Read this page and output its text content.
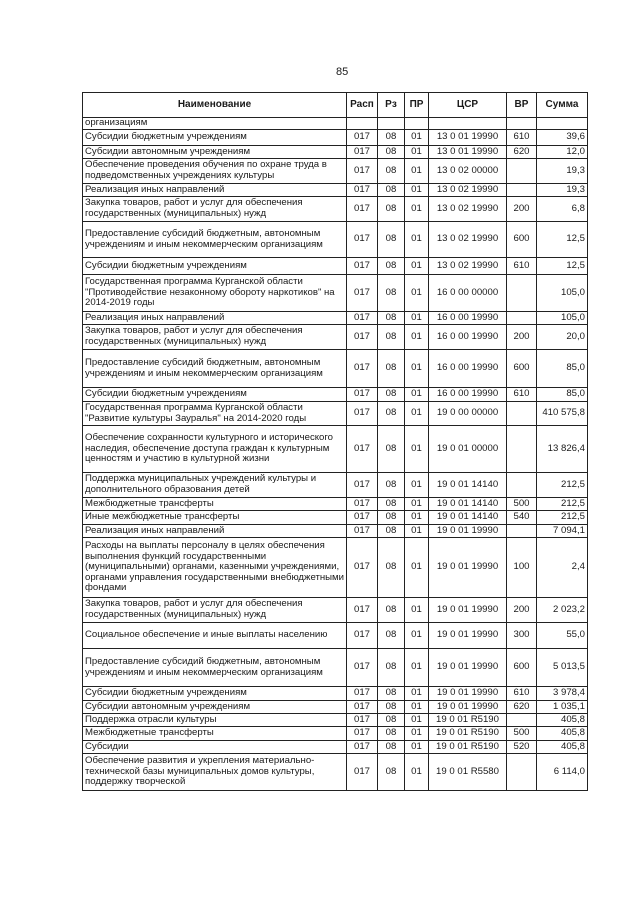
85
Наименование	Расп	Рз	ПР	ЦСР	ВР	Сумма
организациям						
Субсидии бюджетным учреждениям	017	08	01	13 0 01 19990	610	39,6
Субсидии автономным учреждениям	017	08	01	13 0 01 19990	620	12,0
Обеспечение проведения обучения по охране труда в подведомственных учреждениях культуры	017	08	01	13 0 02 00000		19,3
Реализация иных направлений	017	08	01	13 0 02 19990		19,3
Закупка товаров, работ и услуг для обеспечения государственных (муниципальных) нужд	017	08	01	13 0 02 19990	200	6,8
Предоставление субсидий бюджетным, автономным учреждениям и иным некоммерческим организациям	017	08	01	13 0 02 19990	600	12,5
Субсидии бюджетным учреждениям	017	08	01	13 0 02 19990	610	12,5
Государственная программа Курганской области "Противодействие незаконному обороту наркотиков" на 2014-2019 годы	017	08	01	16 0 00 00000		105,0
Реализация иных направлений	017	08	01	16 0 00 19990		105,0
Закупка товаров, работ и услуг для обеспечения государственных (муниципальных) нужд	017	08	01	16 0 00 19990	200	20,0
Предоставление субсидий бюджетным, автономным учреждениям и иным некоммерческим организациям	017	08	01	16 0 00 19990	600	85,0
Субсидии бюджетным учреждениям	017	08	01	16 0 00 19990	610	85,0
Государственная программа Курганской области "Развитие культуры Зауралья" на 2014-2020 годы	017	08	01	19 0 00 00000		410 575,8
Обеспечение сохранности культурного и исторического наследия, обеспечение доступа граждан к культурным ценностям и участию в культурной жизни	017	08	01	19 0 01 00000		13 826,4
Поддержка муниципальных учреждений культуры и дополнительного образования детей	017	08	01	19 0 01 14140		212,5
Межбюджетные трансферты	017	08	01	19 0 01 14140	500	212,5
Иные межбюджетные трансферты	017	08	01	19 0 01 14140	540	212,5
Реализация иных направлений	017	08	01	19 0 01 19990		7 094,1
Расходы на выплаты персоналу в целях обеспечения выполнения функций государственными (муниципальными) органами, казенными учреждениями, органами управления государственными внебюджетными фондами	017	08	01	19 0 01 19990	100	2,4
Закупка товаров, работ и услуг для обеспечения государственных (муниципальных) нужд	017	08	01	19 0 01 19990	200	2 023,2
Социальное обеспечение и иные выплаты населению	017	08	01	19 0 01 19990	300	55,0
Предоставление субсидий бюджетным, автономным учреждениям и иным некоммерческим организациям	017	08	01	19 0 01 19990	600	5 013,5
Субсидии бюджетным учреждениям	017	08	01	19 0 01 19990	610	3 978,4
Субсидии автономным учреждениям	017	08	01	19 0 01 19990	620	1 035,1
Поддержка отрасли культуры	017	08	01	19 0 01 R5190		405,8
Межбюджетные трансферты	017	08	01	19 0 01 R5190	500	405,8
Субсидии	017	08	01	19 0 01 R5190	520	405,8
Обеспечение развития и укрепления материально-технической базы муниципальных домов культуры, поддержку творческой	017	08	01	19 0 01 R5580		6 114,0
